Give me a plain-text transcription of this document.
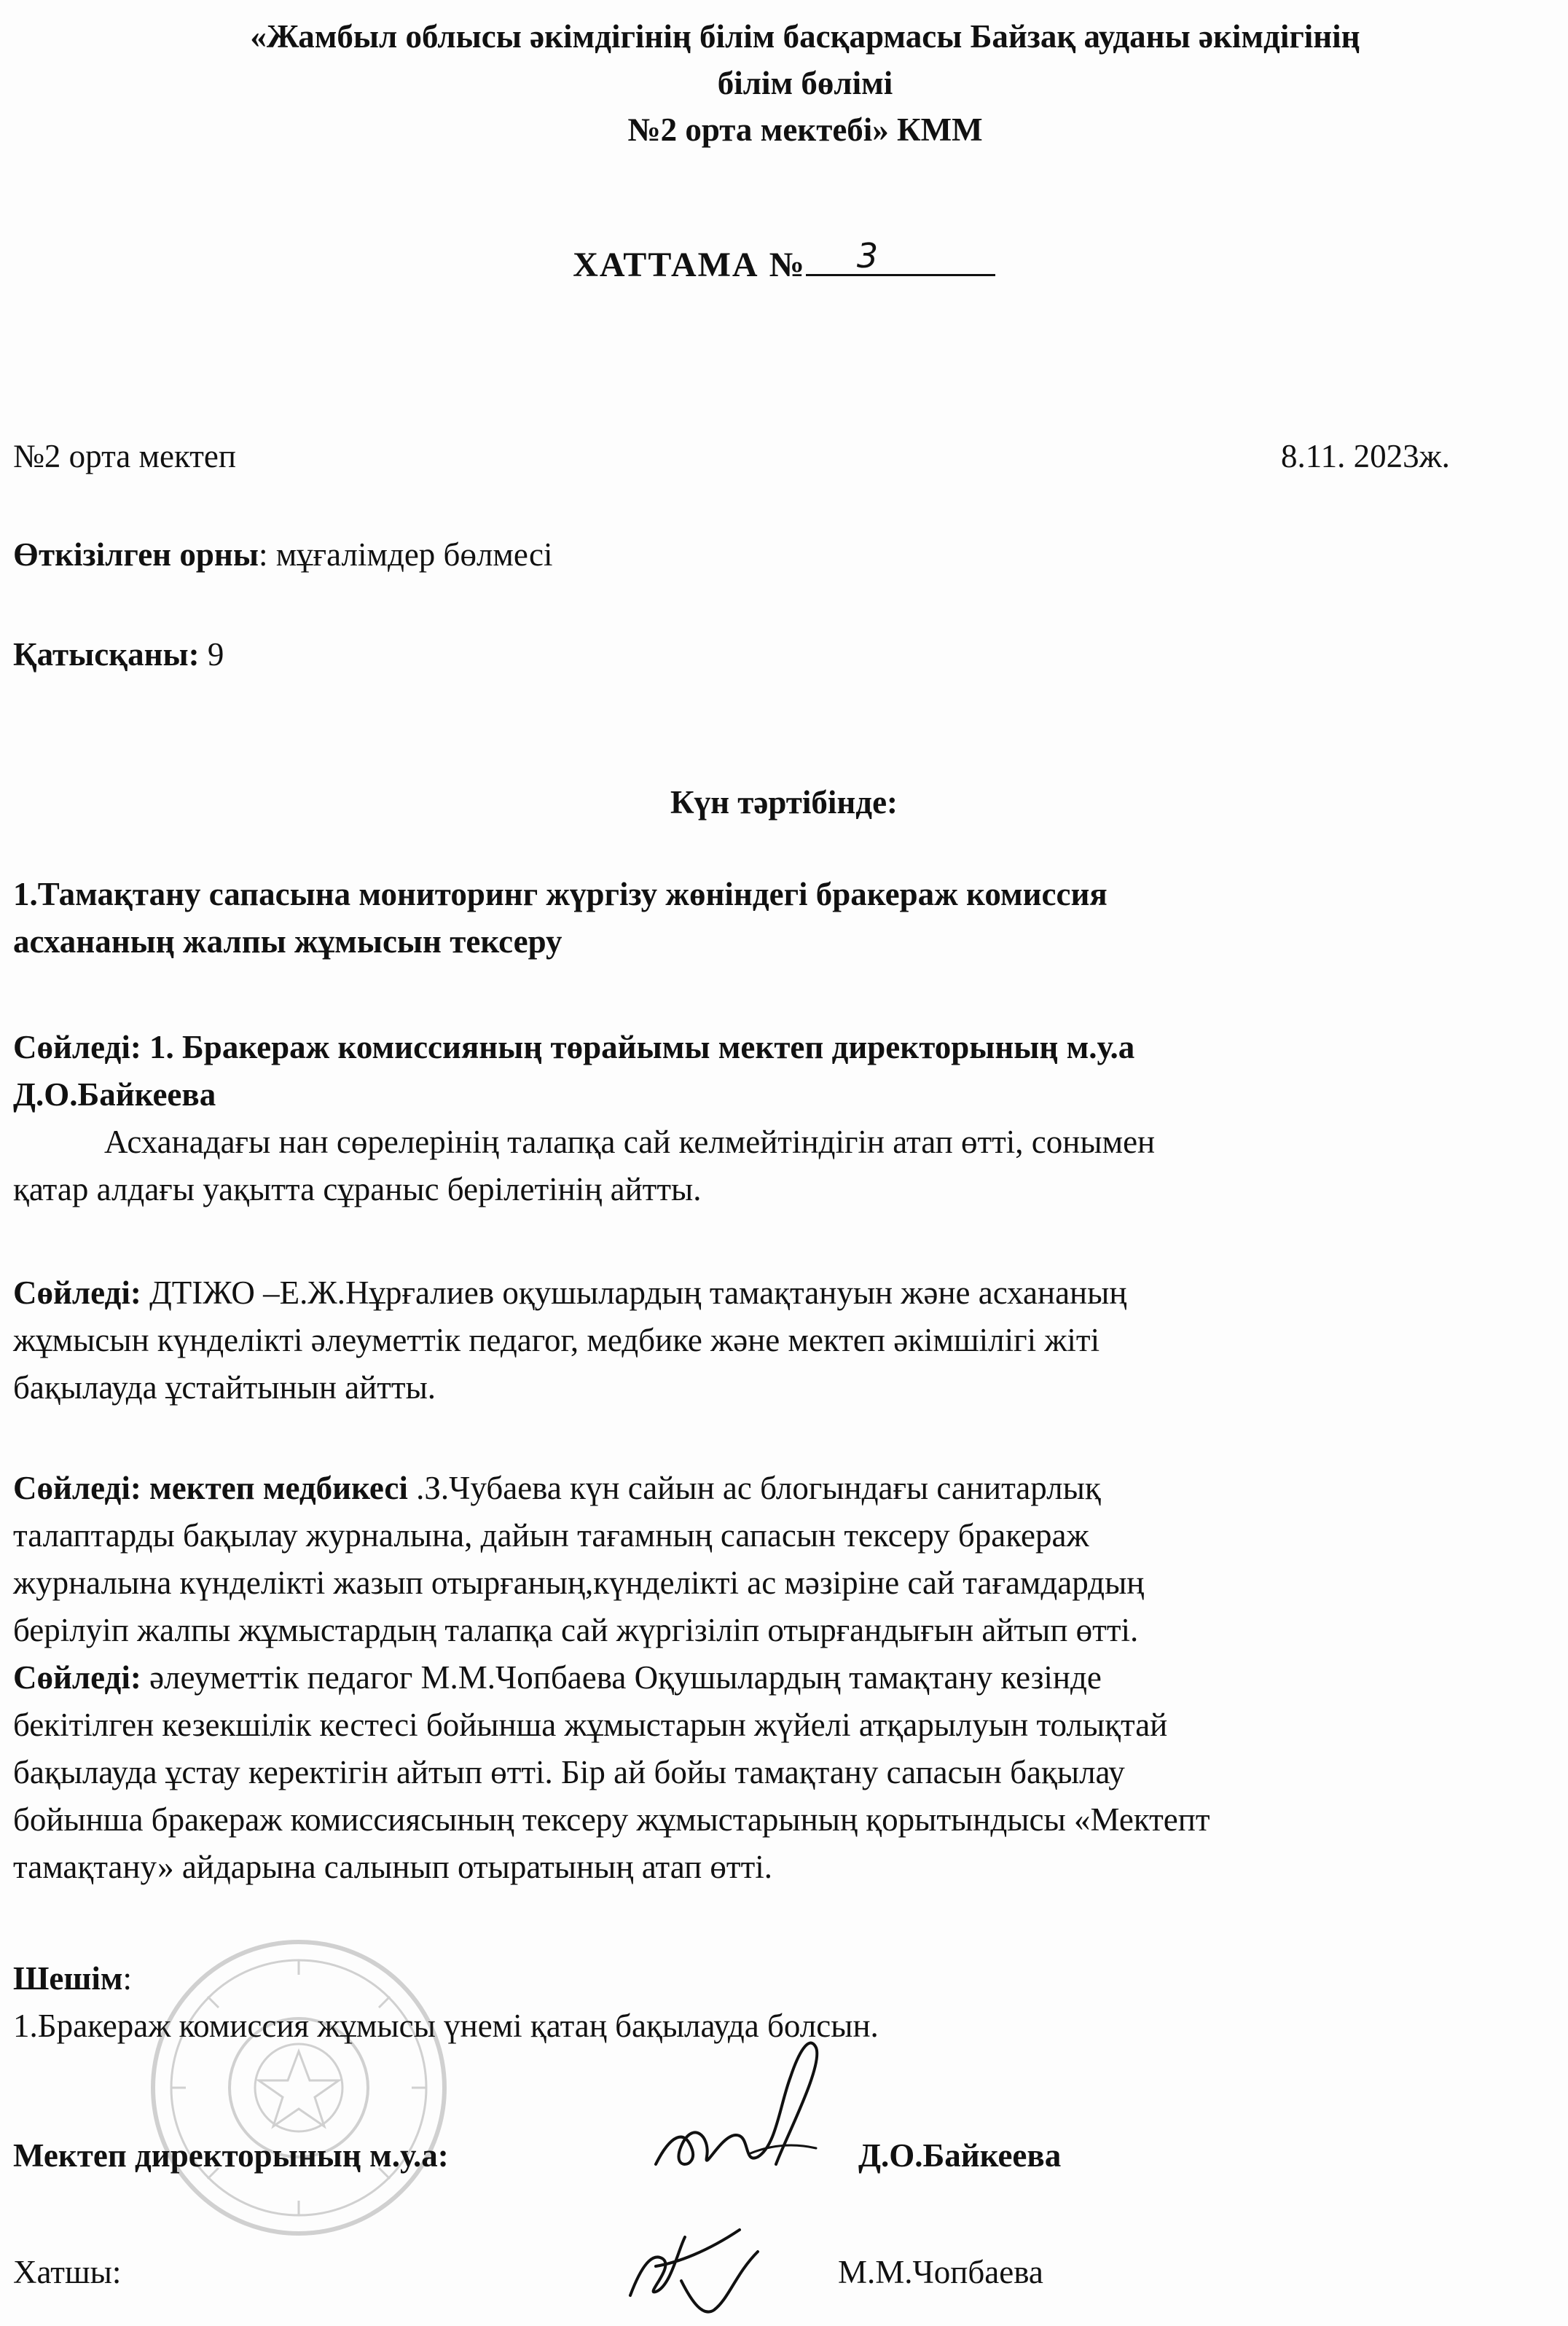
«Жамбыл облысы әкімдігінің білім басқармасы Байзақ ауданы әкімдігінің
білім бөлімі
№2 орта мектебі» КММ
ХАТТАМА № 3
№2 орта мектеп	8.11. 2023ж.
Өткізілген орны: мұғалімдер бөлмесі
Қатысқаны: 9
Күн тәртібінде:
1.Тамақтану сапасына мониторинг жүргізу жөніндегі бракераж комиссия
асхананың жалпы жұмысын тексеру
Сөйледі: 1. Бракераж комиссияның төрайымы мектеп директорының м.у.а
Д.О.Байкеева
Асханадағы нан сөрелерінің талапқа сай келмейтіндігін атап өтті, сонымен
қатар алдағы уақытта сұраныс берілетінің айтты.
Сөйледі: ДТІЖО –Е.Ж.Нұрғалиев оқушылардың тамақтануын және асхананың
жұмысын күнделікті әлеуметтік педагог, медбике және мектеп әкімшілігі жіті
бақылауда ұстайтынын айтты.
Сөйледі: мектеп медбикесі .З.Чубаева күн сайын ас блогындағы санитарлық
талаптарды бақылау журналына, дайын тағамның сапасын тексеру бракераж
журналына күнделікті жазып отырғаның,күнделікті ас мәзіріне сай тағамдардың
берілуіп жалпы жұмыстардың талапқа сай жүргізіліп отырғандығын айтып өтті.
Сөйледі: әлеуметтік педагог М.М.Чопбаева Оқушылардың тамақтану кезінде
бекітілген кезекшілік кестесі бойынша жұмыстарын жүйелі атқарылуын толықтай
бақылауда ұстау керектігін айтып өтті. Бір ай бойы тамақтану сапасын бақылау
бойынша бракераж комиссиясының тексеру жұмыстарының қорытындысы «Мектепт
тамақтану» айдарына салынып отыратының атап өтті.
Шешім:
1.Бракераж комиссия жұмысы үнемі қатаң бақылауда болсын.
Мектеп директорының м.у.а:	Д.О.Байкеева
Хатшы:	М.М.Чопбаева
